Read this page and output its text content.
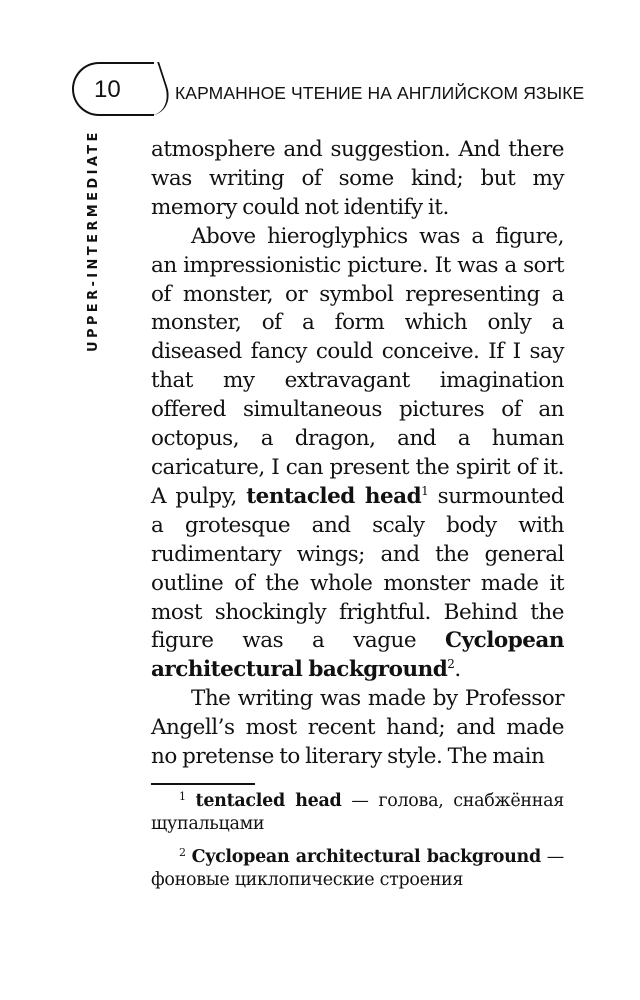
10	КАРМАННОЕ ЧТЕНИЕ НА АНГЛИЙСКОМ ЯЗЫКЕ
UPPER-INTERMEDIATE atmosphere and suggestion. And there was writing of some kind; but my memory could not identify it.

Above hieroglyphics was a figure, an impressionistic picture. It was a sort of monster, or symbol representing a monster, of a form which only a diseased fancy could conceive. If I say that my extravagant imagination offered simultaneous pictures of an octopus, a dragon, and a human caricature, I can present the spirit of it. A pulpy, tentacled head$^1$ surmounted a grotesque and scaly body with rudimentary wings; and the general outline of the whole monster made it most shockingly frightful. Behind the figure was a vague Cyclopean architectural background$^2$.

The writing was made by Professor Angell’s most recent hand; and made no pretense to literary style. The main

$^1$ tentacled head — голова, снабжённая щупальцами

$^2$ Cyclopean architectural background — фоновые циклопические строения
